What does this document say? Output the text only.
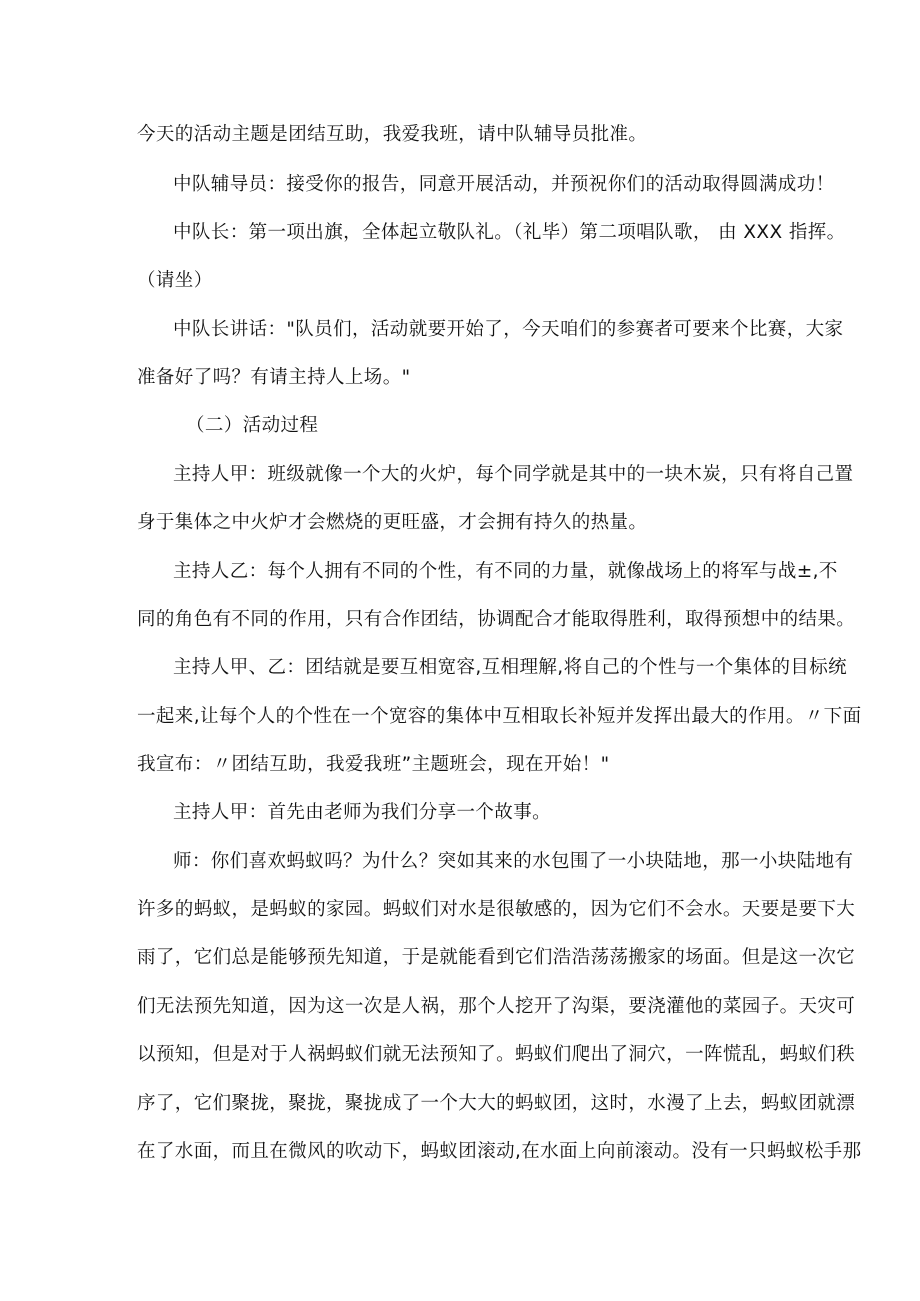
今天的活动主题是团结互助，我爱我班，请中队辅导员批准。
中队辅导员：接受你的报告，同意开展活动，并预祝你们的活动取得圆满成功！
中队长：第一项出旗，全体起立敬队礼。（礼毕）第二项唱队歌， 由 XXX 指挥。
（请坐）
中队长讲话："队员们，活动就要开始了，今天咱们的参赛者可要来个比赛，大家
准备好了吗？有请主持人上场。"
（二）活动过程
主持人甲：班级就像一个大的火炉，每个同学就是其中的一块木炭，只有将自己置
身于集体之中火炉才会燃烧的更旺盛，才会拥有持久的热量。
主持人乙：每个人拥有不同的个性，有不同的力量，就像战场上的将军与战±,不
同的角色有不同的作用，只有合作团结，协调配合才能取得胜利，取得预想中的结果。
主持人甲、乙：团结就是要互相宽容,互相理解,将自己的个性与一个集体的目标统
一起来,让每个人的个性在一个宽容的集体中互相取长补短并发挥出最大的作用。〃下面
我宣布：〃团结互助，我爱我班”主题班会，现在开始！"
主持人甲：首先由老师为我们分享一个故事。
师：你们喜欢蚂蚁吗？为什么？突如其来的水包围了一小块陆地，那一小块陆地有
许多的蚂蚁，是蚂蚁的家园。蚂蚁们对水是很敏感的，因为它们不会水。天要是要下大
雨了，它们总是能够预先知道，于是就能看到它们浩浩荡荡搬家的场面。但是这一次它
们无法预先知道，因为这一次是人祸，那个人挖开了沟渠，要浇灌他的菜园子。天灾可
以预知，但是对于人祸蚂蚁们就无法预知了。蚂蚁们爬出了洞穴，一阵慌乱，蚂蚁们秩
序了，它们聚拢，聚拢，聚拢成了一个大大的蚂蚁团，这时，水漫了上去，蚂蚁团就漂
在了水面，而且在微风的吹动下，蚂蚁团滚动,在水面上向前滚动。没有一只蚂蚁松手那
